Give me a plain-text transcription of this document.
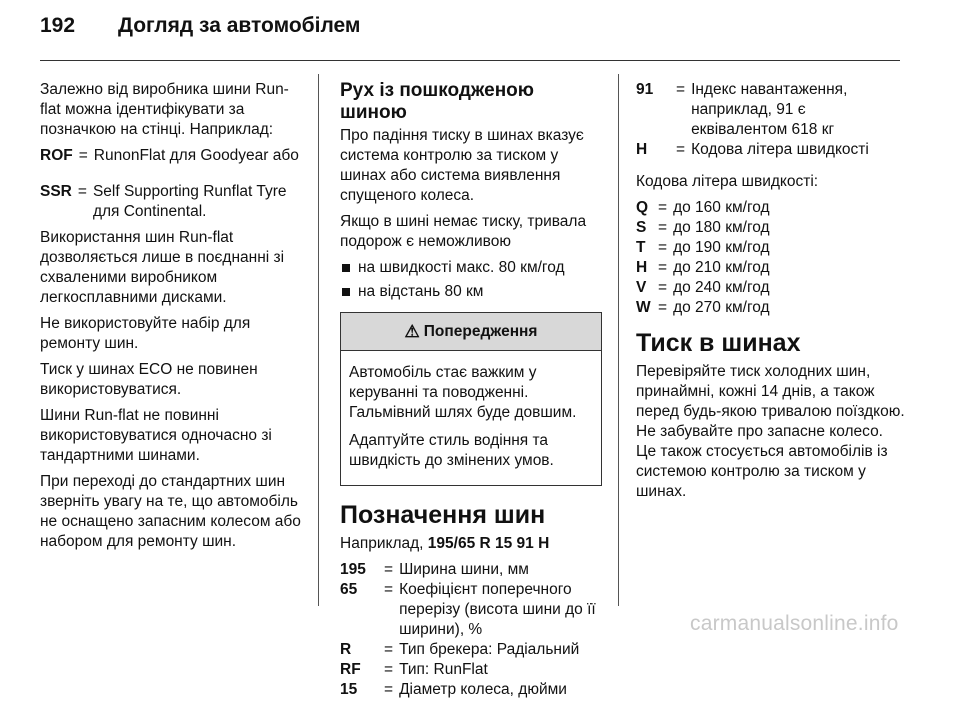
192	Догляд за автомобілем

Залежно від виробника шини Run-flat можна ідентифікувати за позначкою на стінці. Наприклад:

ROF = RunonFlat для Goodyear або
SSR = Self Supporting Runflat Tyre для Continental.

Використання шин Run-flat дозволяється лише в поєднанні зі схваленими виробником легкосплавними дисками.

Не використовуйте набір для ремонту шин.

Тиск у шинах ECO не повинен використовуватися.

Шини Run-flat не повинні використовуватися одночасно зі тандартними шинами.

При переході до стандартних шин зверніть увагу на те, що автомобіль не оснащено запасним колесом або набором для ремонту шин.

Рух із пошкодженою шиною

Про падіння тиску в шинах вказує система контролю за тиском у шинах або система виявлення спущеного колеса.

Якщо в шині немає тиску, тривала подорож є неможливою

на швидкості макс. 80 км/год
на відстань 80 км
⚠ Попередження

Автомобіль стає важким у керуванні та поводженні. Гальмівний шлях буде довшим.

Адаптуйте стиль водіння та швидкість до змінених умов.

Позначення шин

Наприклад, 195/65 R 15 91 H

195	= Ширина шини, мм
65	= Коефіцієнт поперечного перерізу (висота шини до її ширини), %
R	= Тип брекера: Радіальний
RF	= Тип: RunFlat
15	= Діаметр колеса, дюйми
91	= Індекс навантаження, наприклад, 91 є еквівалентом 618 кг
H	= Кодова літера швидкості

Кодова літера швидкості:

Q = до 160 км/год
S = до 180 км/год
T = до 190 км/год
H = до 210 км/год
V = до 240 км/год
W = до 270 км/год
Тиск в шинах

Перевіряйте тиск холодних шин, принаймні, кожні 14 днів, а також перед будь-якою тривалою поїздкою. Не забувайте про запасне колесо. Це також стосується автомобілів із системою контролю за тиском у шинах.

carmanualsonline.info
